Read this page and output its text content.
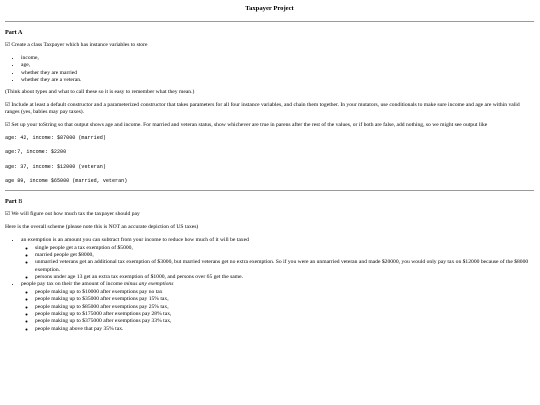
Taxpayer Project
Part A

☑ Create a class Taxpayer which has instance variables to store

• income,
• age,
• whether they are married
• whether they are a veteran.

(Think about types and what to call these so it is easy to remember what they mean.)

☑ Include at least a default constructor and a parameterized constructor that takes parameters for all four instance variables, and chain them together. In your mutators, use conditionals to make sure income and age are within valid ranges (yes, babies may pay taxes).

☑ Set up your toString so that output shows age and income. For married and veteran status, show whichever are true in parens after the rest of the values, or if both are false, add nothing, so we might see output like

age: 42, income: $87000 (married)
age:7, income: $2200
age: 37, income: $12000 (veteran)
age 89, income $65000 (married, veteran)
Part B

☑ We will figure out how much tax the taxpayer should pay

Here is the overall scheme (please note this is NOT an accurate depiction of US taxes)

• an exemption is an amount you can subtract from your income to reduce how much of it will be taxed
◦ single people get a tax exemption of $5000,
◦ married people get $8000,
◦ unmarried veterans get an additional tax exemption of $3000, but married veterans get no extra exemption. So if you were an unmarried veteran and made $20000, you would only pay tax on $12000 because of the $8000 exemption.
◦ persons under age 13 get an extra tax exemption of $1000, and persons over 65 get the same.
• people pay tax on their the amount of income minus any exemptions
◦ people making up to $10000 after exemptions pay no tax
◦ people making up to $35000 after exemptions pay 15% tax,
◦ people making up to $85000 after exemptions pay 25% tax,
◦ people making up to $175000 after exemptions pay 28% tax,
◦ people making up to $375000 after exemptions pay 33% tax,
◦ people making above that pay 35% tax.
